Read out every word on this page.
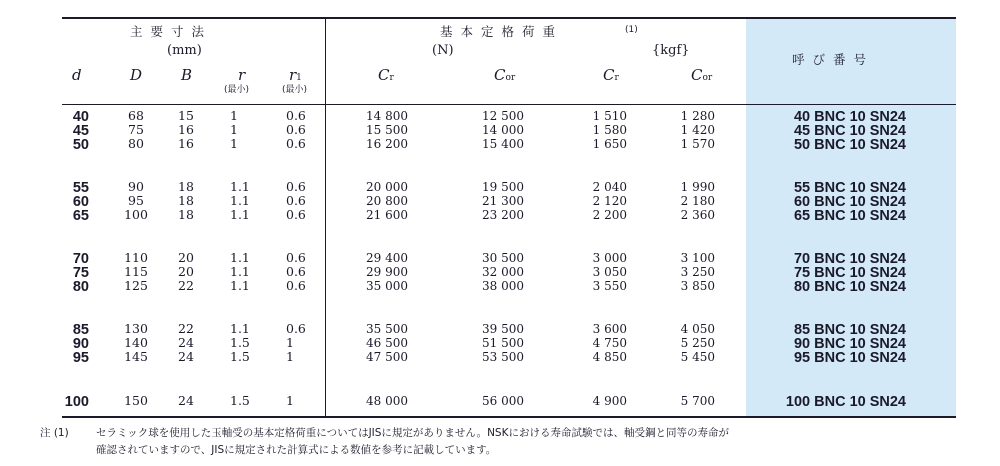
主要寸法
(mm)
基本定格荷重	(1)
(N)	{kgf}
呼び番号
d	D	B	r
(最小)
r1
(最小)
Cr	Cor	Cr	Cor
40	68	15	1	0.6	14 800	12 500	1 510	1 280	40 BNC 10 SN24
45	75	16	1	0.6	15 500	14 000	1 580	1 420	45 BNC 10 SN24
50	80	16	1	0.6	16 200	15 400	1 650	1 570	50 BNC 10 SN24
55	90	18	1.1	0.6	20 000	19 500	2 040	1 990	55 BNC 10 SN24
60	95	18	1.1	0.6	20 800	21 300	2 120	2 180	60 BNC 10 SN24
65	100	18	1.1	0.6	21 600	23 200	2 200	2 360	65 BNC 10 SN24
70	110	20	1.1	0.6	29 400	30 500	3 000	3 100	70 BNC 10 SN24
75	115	20	1.1	0.6	29 900	32 000	3 050	3 250	75 BNC 10 SN24
80	125	22	1.1	0.6	35 000	38 000	3 550	3 850	80 BNC 10 SN24
85	130	22	1.1	0.6	35 500	39 500	3 600	4 050	85 BNC 10 SN24
90	140	24	1.5	1	46 500	51 500	4 750	5 250	90 BNC 10 SN24
95	145	24	1.5	1	47 500	53 500	4 850	5 450	95 BNC 10 SN24
100	150	24	1.5	1	48 000	56 000	4 900	5 700	100 BNC 10 SN24
注 (1)	セラミック球を使用した玉軸受の基本定格荷重についてはJISに規定がありません。NSKにおける寿命試験では、軸受鋼と同等の寿命が
確認されていますので、JISに規定された計算式による数値を参考に記載しています。
